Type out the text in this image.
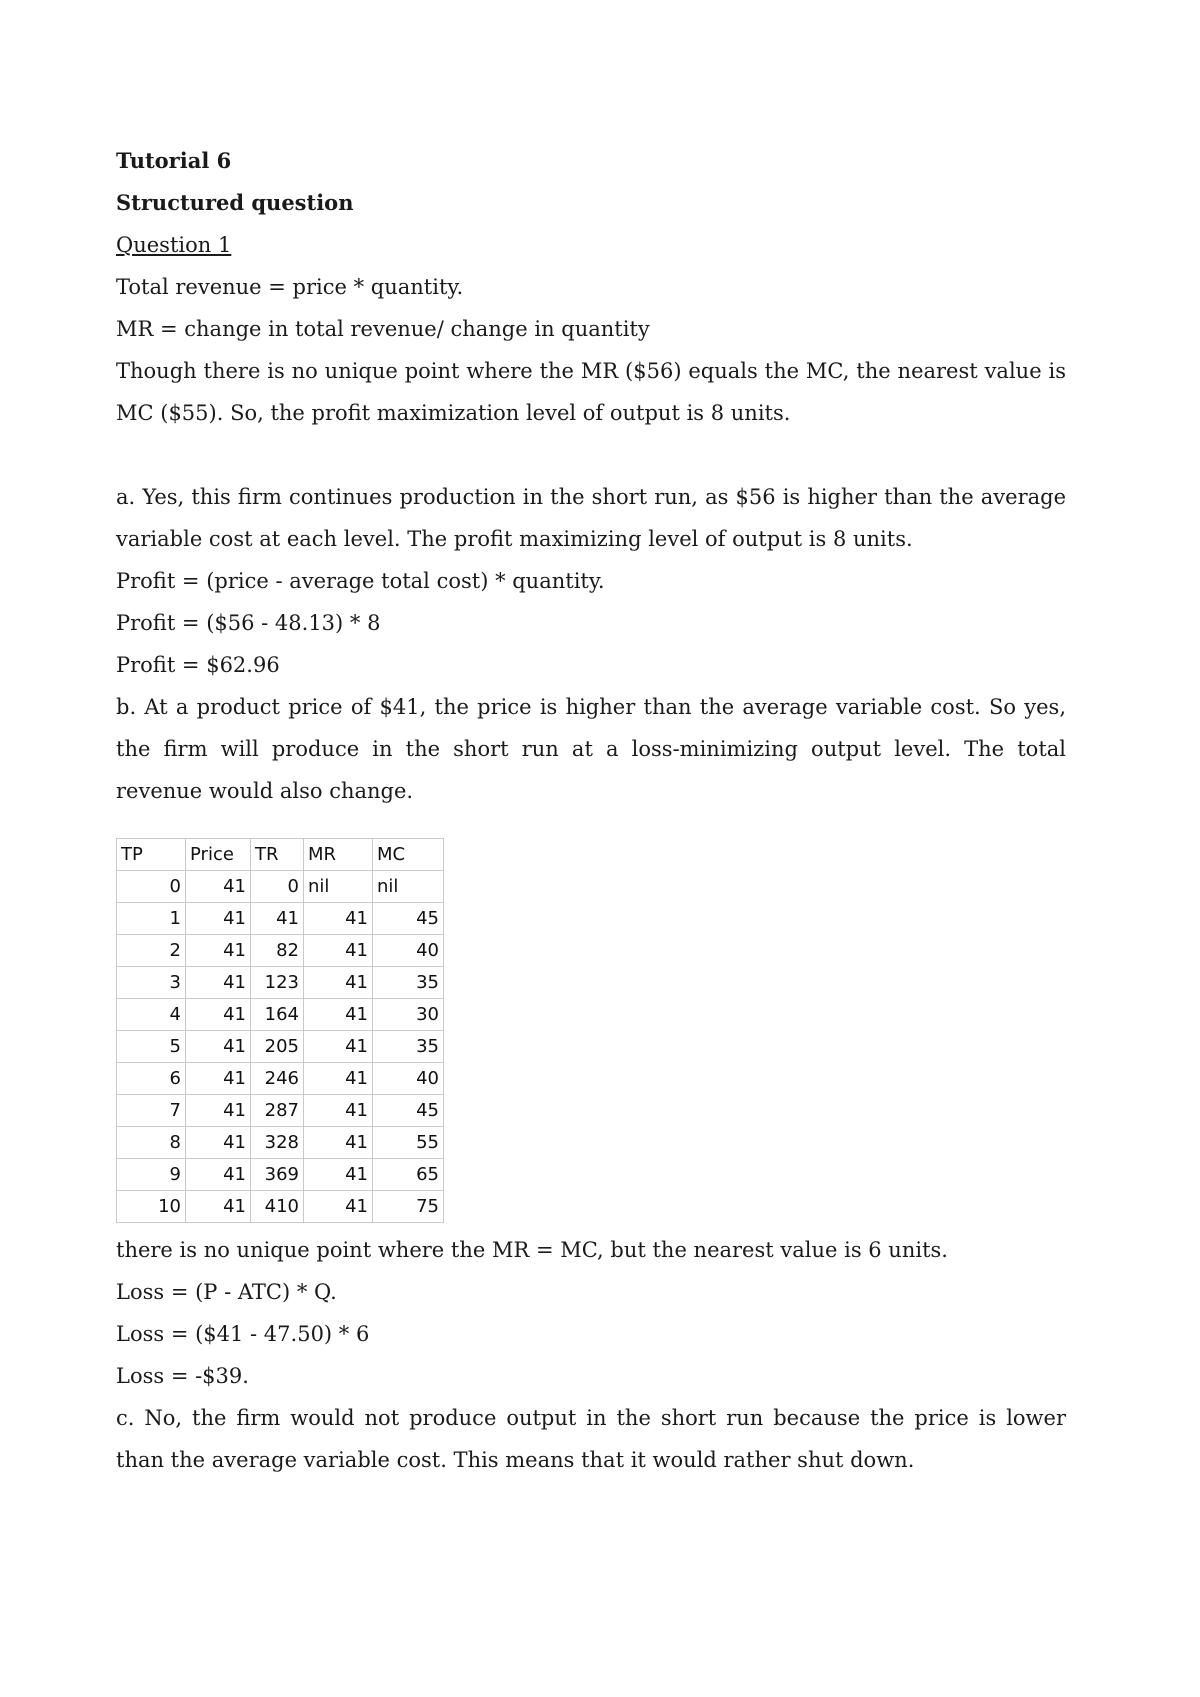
Tutorial 6

Structured question

Question 1

Total revenue = price * quantity.

MR = change in total revenue/ change in quantity

Though there is no unique point where the MR ($56) equals the MC, the nearest value is MC ($55). So, the profit maximization level of output is 8 units.

a. Yes, this firm continues production in the short run, as $56 is higher than the average variable cost at each level. The profit maximizing level of output is 8 units.

Profit = (price - average total cost) * quantity.

Profit = ($56 - 48.13) * 8

Profit = $62.96

b. At a product price of $41, the price is higher than the average variable cost. So yes, the firm will produce in the short run at a loss-minimizing output level. The total revenue would also change.

TP	Price	TR	MR	MC
0	41	0	nil	nil
1	41	41	41	45
2	41	82	41	40
3	41	123	41	35
4	41	164	41	30
5	41	205	41	35
6	41	246	41	40
7	41	287	41	45
8	41	328	41	55
9	41	369	41	65
10	41	410	41	75

there is no unique point where the MR = MC, but the nearest value is 6 units.

Loss = (P - ATC) * Q.

Loss = ($41 - 47.50) * 6

Loss = -$39.

c. No, the firm would not produce output in the short run because the price is lower than the average variable cost. This means that it would rather shut down.
